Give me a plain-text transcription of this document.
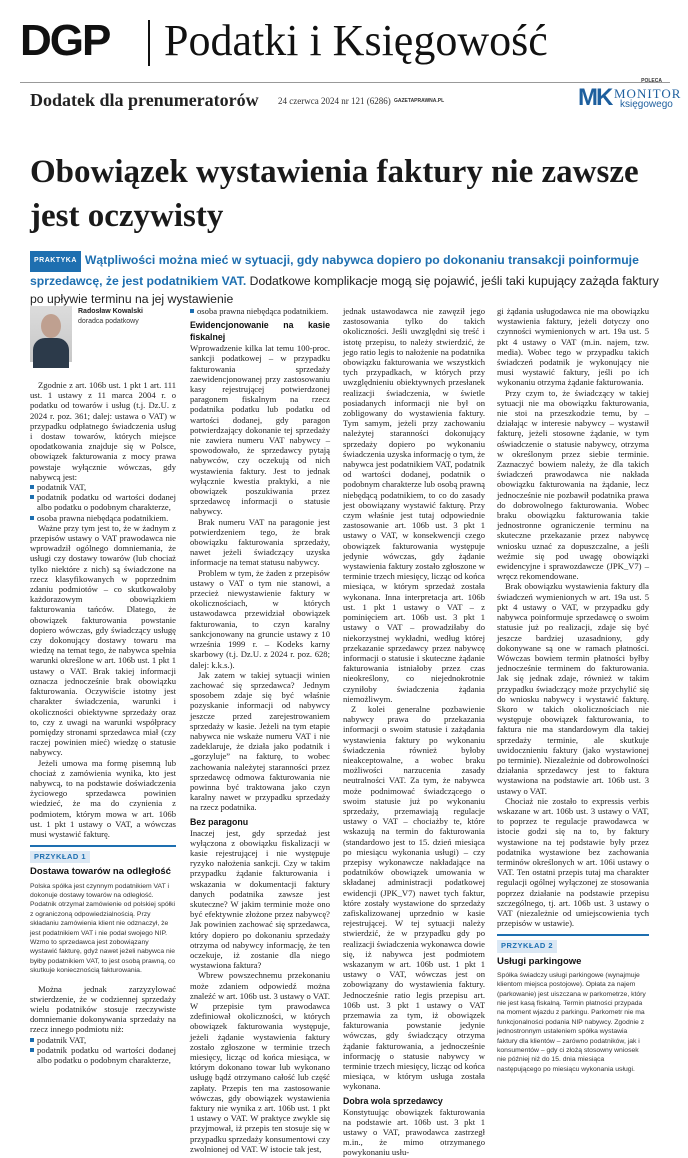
DGP Podatki i Księgowość
Dodatek dla prenumeratorów 24 czerwca 2024 nr 121 (6286) GAZETAPRAWNA.PL
POLECA
MK MONITOR
księgowego
Obowiązek wystawienia faktury nie zawsze jest oczywisty
PRAKTYKA Wątpliwości można mieć w sytuacji, gdy nabywca dopiero po dokonaniu transakcji poinformuje sprzedawcę, że jest podatnikiem VAT. Dodatkowe komplikacje mogą się pojawić, jeśli taki kupujący zażąda faktury po upływie terminu na jej wystawienie
Radosław Kowalski
doradca podatkowy

Zgodnie z art. 106b ust. 1 pkt 1 art. 111 ust. 1 ustawy z 11 marca 2004 r. o podatku od towarów i usług (t.j. Dz.U. z 2024 r. poz. 361; dalej: ustawa o VAT) w przypadku odpłatnego świadczenia usług i dostaw towarów, których miejsce opodatkowania znajduje się w Polsce, obowiązek fakturowania z mocy prawa powstaje wyłącznie wówczas, gdy nabywcą jest:

podatnik VAT,
podatnik podatku od wartości dodanej albo podatku o podobnym charakterze,
osoba prawna niebędąca podatnikiem.

Ważne przy tym jest to, że w żadnym z przepisów ustawy o VAT prawodawca nie wprowadził ogólnego domniemania, że usługi czy dostawy towarów (lub chociaż tylko niektóre z nich) są świadczone na rzecz klasyfikowanych w poprzednim zdaniu podmiotów – co skutkowałoby każdorazowym obowiązkiem fakturowania tańców. Dlatego, że obowiązek fakturowania powstanie dopiero wówczas, gdy świadczący usługę czy dokonujący dostawy towaru ma wiedzę na temat tego, że nabywca spełnia warunki określone w art. 106b ust. 1 pkt 1 ustawy o VAT. Brak takiej informacji oznacza jednocześnie brak obowiązku fakturowania. Oczywiście istotny jest charakter świadczenia, warunki i okoliczności obiektywne sprzedaży oraz to, czy z uwagi na warunki współpracy pomiędzy stronami sprzedawca miał (czy raczej powinien mieć) wiedzę o statusie nabywcy.

Jeżeli umowa ma formę pisemną lub chociaż z zamówienia wynika, kto jest nabywcą, to na podstawie doświadczenia życiowego sprzedawca powinien wiedzieć, że ma do czynienia z podmiotem, którym mowa w art. 106b ust. 1 pkt 1 ustawy o VAT, a wówczas musi wystawić fakturę.

PRZYKŁAD 1
Dostawa towarów na odległość
Polska spółka jest czynnym podatnikiem VAT i dokonuje dostawy towarów na odległość. Podatnik otrzymał zamówienie od polskiej spółki z ograniczoną odpowiedzialnością. Przy składaniu zamówienia klient nie odznaczył, że jest podatnikiem VAT i nie podał swojego NIP. Wzmo to sprzedawca jest zobowiązany wystawić fakturę, gdyż nawet jeżeli nabywca nie byłby podatnikiem VAT, to jest osobą prawną, co skutkuje koniecznością fakturowania.

Można jednak zarzyzylować stwierdzenie, że w codziennej sprzedaży wielu podatników stosuje rzeczywiste domniemanie dokonywania sprzedaży na rzecz innego podmiotu niż:

podatnik VAT,
podatnik podatku od wartości dodanej albo podatku o podobnym charakterze,
osoba prawna niebędąca podatnikiem.
Ewidencjonowanie na kasie fiskalnej

Wprowadzenie kilka lat temu 100-proc. sankcji podatkowej – w przypadku fakturowania sprzedaży zaewidencjonowanej przy zastosowaniu kasy rejestrującej potwierdzonej paragonem fiskalnym na rzecz podatnika podatku lub podatku od wartości dodanej, gdy paragon potwierdzający dokonanie tej sprzedaży nie zawiera numeru VAT nabywcy – spowodowało, że sprzedawcy pytają nabywców, czy oczekują od nich wystawienia faktury. Jest to jednak wyłącznie kwestia praktyki, a nie obowiązek poszukiwania przez sprzedawcę informacji o statusie nabywcy.

Brak numeru VAT na paragonie jest potwierdzeniem tego, że brak obowiązku fakturowania sprzedaży, nawet jeżeli świadczący uzyska informacje na temat statusu nabywcy.

Problem w tym, że żaden z przepisów ustawy o VAT o tym nie stanowi, a przecież niewystawienie faktury w okolicznościach, w których ustawodawca przewidział obowiązek fakturowania, to czyn karalny sankcjonowany na gruncie ustawy z 10 września 1999 r. – Kodeks karny skarbowy (t.j. Dz.U. z 2024 r. poz. 628; dalej: k.k.s.).

Jak zatem w takiej sytuacji winien zachować się sprzedawca? Jednym sposobem zdaje się być właśnie pozyskanie informacji od nabywcy jeszcze przed zarejestrowaniem sprzedaży w kasie. Jeżeli na tym etapie nabywca nie wskaże numeru VAT i nie zadeklaruje, że działa jako podatnik i „gorzyluje” na fakturę, to wobec zachowania należytej staranności przez sprzedawcę odmowa fakturowania nie powinna być traktowana jako czyn karalny nawet w przypadku sprzedaży na rzecz podatnika.

Bez paragonu

Inaczej jest, gdy sprzedaż jest wyłączona z obowiązku fiskalizacji w kasie rejestrującej i nie występuje ryzyko nałożenia sankcji. Czy w takim przypadku żądanie fakturowania i wskazania w dokumentacji faktury danych podatnika zawsze jest skuteczne? W jakim terminie może ono być efektywnie złożone przez nabywcę? Jak powinien zachować się sprzedawca, który dopiero po dokonaniu sprzedaży otrzyma od nabywcy informację, że ten oczekuje, iż zostanie dla niego wystawiona faktura?

Wbrew powszechnemu przekonaniu może zdaniem odpowiedź można znaleźć w art. 106b ust. 3 ustawy o VAT. W przepisie tym prawodawca zdefiniował okoliczności, w których obowiązek fakturowania występuje, jeżeli żądanie wystawienia faktury zostało zgłoszone w terminie trzech miesięcy, licząc od końca miesiąca, w którym dokonano towar lub wykonano usługę bądź otrzymano całość lub część zapłaty. Przepis ten ma zastosowanie wówczas, gdy obowiązek wystawienia faktury nie wynika z art. 106b ust. 1 pkt 1 ustawy o VAT. W praktyce zwykle się przyjmował, iż przepis ten stosuje się w przypadku sprzedaży konsumentowi czy zwolnionej od VAT. W istocie tak jest,

jednak ustawodawca nie zawęził jego zastosowania tylko do takich okoliczności. Jeśli uwzględni się treść i istotę przepisu, to należy stwierdzić, że jego ratio legis to nałożenie na podatnika obowiązku fakturowania we wszystkich tych przypadkach, w których przy uwzględnieniu obiektywnych przesłanek realizacji świadczenia, w świetle posiadanych informacji nie był on zobligowany do wystawienia faktury. Tym samym, jeżeli przy zachowaniu należytej staranności dokonujący sprzedaży dopiero po wykonaniu świadczenia uzyska informację o tym, że nabywca jest podatnikiem VAT, podatnik od wartości dodanej, podatnik o podobnym charakterze lub osobą prawną niebędącą podatnikiem, to co do zasady jest obowiązany wystawić fakturę. Przy czym właśnie jest tutaj odpowiednie zastosowanie art. 106b ust. 3 pkt 1 ustawy o VAT, w konsekwencji czego obowiązek fakturowania występuje jedynie wówczas, gdy żądanie wystawienia faktury zostało zgłoszone w terminie trzech miesięcy, licząc od końca miesiąca, w którym sprzedaż została wykonana. Inna interpretacja art. 106b ust. 1 pkt 1 ustawy o VAT – z pominięciem art. 106b ust. 3 pkt 1 ustawy o VAT – prowadziłaby do niekorzystnej wykładni, według której przekazanie sprzedawcy przez nabywcę informacji o statusie i skuteczne żądanie fakturowania istniałoby przez czas nieokreślony, co niejednokrotnie czyniłoby świadczenia żądania niemożliwym.

Z kolei generalne pozbawienie nabywcy prawa do przekazania informacji o swoim statusie i zażądania wystawienia faktury po wykonaniu świadczenia również byłoby nieakceptowalne, a wobec braku możliwości narzucenia zasady neutralności VAT. Za tym, że nabywca może podnimować świadczącego o swoim statusie już po wykonaniu sprzedaży, przemawiają regulacje ustawy o VAT – chociażby te, które wskazują na termin do fakturowania (standardowo jest to 15. dzień miesiąca po miesiącu wykonania usługi) – czy przepisy wykonawcze nakładające na podatników obowiązek umowania w składanej administracji podatkowej ewidencji (JPK_V7) nawet tych faktur, które zostały wystawione do sprzedaży zafiskalizowanej uprzednio w kasie rejestrującej. W tej sytuacji należy stwierdzić, że w przypadku gdy po realizacji świadczenia wykonawca dowie się, iż nabywca jest podmiotem wskazanym w art. 106b ust. 1 pkt 1 ustawy o VAT, wówczas jest on zobowiązany do wystawienia faktury. Jednocześnie ratio legis przepisu art. 106b ust. 3 pkt 1 ustawy o VAT przemawia za tym, iż obowiązek fakturowania powstanie jedynie wówczas, gdy świadczący otrzyma żądanie fakturowania, a jednocześnie informację o statusie nabywcy w terminie trzech miesięcy, licząc od końca miesiąca, w którym usługa została wykonana.

Dobra wola sprzedawcy

Konstytuując obowiązek fakturowania na podstawie art. 106b ust. 3 pkt 1 ustawy o VAT, prawodawca zastrzegł m.in., że mimo otrzymanego powykonaniu usłu-

gi żądania usługodawca nie ma obowiązku wystawienia faktury, jeżeli dotyczy ono czynności wymienionych w art. 19a ust. 5 pkt 4 ustawy o VAT (m.in. najem, tzw. media). Wobec tego w przypadku takich świadczeń podatnik je wykonujący nie musi wystawić faktury, jeśli po ich wykonaniu otrzyma żądanie fakturowania.

Przy czym to, że świadczący w takiej sytuacji nie ma obowiązku fakturowania, nie stoi na przeszkodzie temu, by – działając w interesie nabywcy – wystawił fakturę, jeżeli stosowne żądanie, w tym oświadczenie o statusie nabywcy, otrzyma w określonym przez siebie terminie. Zaznaczyć bowiem należy, że dla takich świadczeń prawodawca nie nakłada obowiązku fakturowania na żądanie, lecz jednocześnie nie pozbawił podatnika prawa do dobrowolnego fakturowania. Wobec braku obowiązku fakturowania takie jednostronne ograniczenie terminu na skuteczne przekazanie przez nabywcę wniosku uznać za dopuszczalne, a jeśli weźmie się pod uwagę obowiązki ewidencyjne i sprawozdawcze (JPK_V7) – wręcz rekomendowane.

Brak obowiązku wystawienia faktury dla świadczeń wymienionych w art. 19a ust. 5 pkt 4 ustawy o VAT, w przypadku gdy nabywca poinformuje sprzedawcę o swoim statusie już po realizacji, zdaje się być jeszcze bardziej uzasadniony, gdy dokonywane są one w ramach płatności. Wówczas bowiem termin płatności byłby jednocześnie terminem do fakturowania. Jak się jednak zdaje, również w takim przypadku świadczący może przychylić się do wniosku nabywcy i wystawić fakturę. Skoro w takich okolicznościach nie występuje obowiązek fakturowania, to faktura nie ma standardowym dla takiej sprzedaży terminie, ale skutkuje uwidocznieniu faktury (jako wystawionej po terminie). Niezależnie od dobrowolności działania sprzedawcy jest to faktura wystawiona na podstawie art. 106b ust. 3 ustawy o VAT.

Chociaż nie zostało to expressis verbis wskazane w art. 106b ust. 3 ustawy o VAT, to poprzez te regulacje prawodawca w istocie godzi się na to, by faktury wystawione na tej podstawie były przez podatnika wystawione bez zachowania terminów określonych w art. 106i ustawy o VAT. Ten ostatni przepis tutaj ma charakter regulacji ogólnej wyłączonej ze stosowania poprzez działanie na podstawie przepisu szczególnego, tj. art. 106b ust. 3 ustawy o VAT (niezależnie od umiejscowienia tych przepisów w ustawie).

PRZYKŁAD 2
Usługi parkingowe
Spółka świadczy usługi parkingowe (wynajmuje klientom miejsca postojowe). Opłata za najem (parkowanie) jest uiszczana w parkometrze, który nie jest kasą fiskalną. Termin płatności przypada na moment wjazdu z parkingu. Parkometr nie ma funkcjonalności podania NIP nabywcy. Zgodnie z jednostronnym ustaleniem spółka wystawia faktury dla klientów – zarówno podatników, jak i konsumentów – gdy ci złożą stosowny wniosek nie później niż do 15. dnia miesiąca następującego po miesiącu wykonania usługi.
